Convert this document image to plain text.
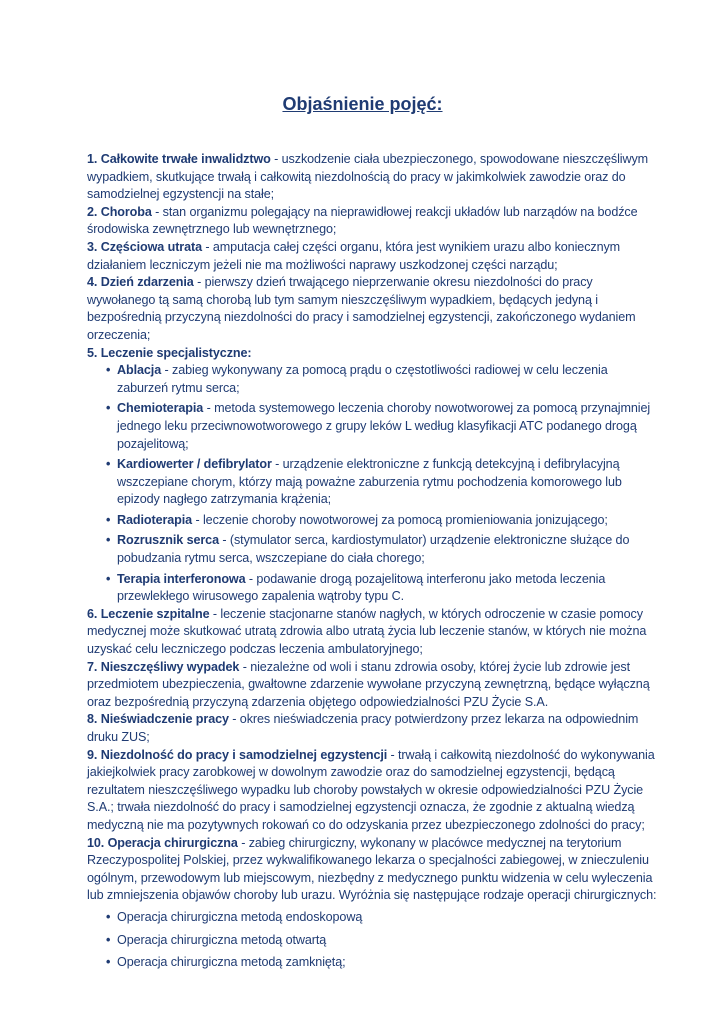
Objaśnienie pojęć:

1. Całkowite trwałe inwalidztwo - uszkodzenie ciała ubezpieczonego, spowodowane nieszczęśliwym wypadkiem, skutkujące trwałą i całkowitą niezdolnością do pracy w jakimkolwiek zawodzie oraz do samodzielnej egzystencji na stałe;

2. Choroba - stan organizmu polegający na nieprawidłowej reakcji układów lub narządów na bodźce środowiska zewnętrznego lub wewnętrznego;

3. Częściowa utrata - amputacja całej części organu, która jest wynikiem urazu albo koniecznym działaniem leczniczym jeżeli nie ma możliwości naprawy uszkodzonej części narządu;

4. Dzień zdarzenia - pierwszy dzień trwającego nieprzerwanie okresu niezdolności do pracy wywołanego tą samą chorobą lub tym samym nieszczęśliwym wypadkiem, będących jedyną i bezpośrednią przyczyną niezdolności do pracy i samodzielnej egzystencji, zakończonego wydaniem orzeczenia;

5. Leczenie specjalistyczne:

• Ablacja - zabieg wykonywany za pomocą prądu o częstotliwości radiowej w celu leczenia zaburzeń rytmu serca;
• Chemioterapia - metoda systemowego leczenia choroby nowotworowej za pomocą przynajmniej jednego leku przeciwnowotworowego z grupy leków L według klasyfikacji ATC podanego drogą pozajelitową;
• Kardiowerter / defibrylator - urządzenie elektroniczne z funkcją detekcyjną i defibrylacyjną wszczepiane chorym, którzy mają poważne zaburzenia rytmu pochodzenia komorowego lub epizody nagłego zatrzymania krążenia;
• Radioterapia - leczenie choroby nowotworowej za pomocą promieniowania jonizującego;
• Rozrusznik serca - (stymulator serca, kardiostymulator) urządzenie elektroniczne służące do pobudzania rytmu serca, wszczepiane do ciała chorego;
• Terapia interferonowa - podawanie drogą pozajelitową interferonu jako metoda leczenia przewlekłego wirusowego zapalenia wątroby typu C.

6. Leczenie szpitalne - leczenie stacjonarne stanów nagłych, w których odroczenie w czasie pomocy medycznej może skutkować utratą zdrowia albo utratą życia lub leczenie stanów, w których nie można uzyskać celu leczniczego podczas leczenia ambulatoryjnego;

7. Nieszczęśliwy wypadek - niezależne od woli i stanu zdrowia osoby, której życie lub zdrowie jest przedmiotem ubezpieczenia, gwałtowne zdarzenie wywołane przyczyną zewnętrzną, będące wyłączną oraz bezpośrednią przyczyną zdarzenia objętego odpowiedzialności PZU Życie S.A.

8. Nieświadczenie pracy - okres nieświadczenia pracy potwierdzony przez lekarza na odpowiednim druku ZUS;

9. Niezdolność do pracy i samodzielnej egzystencji - trwałą i całkowitą niezdolność do wykonywania jakiejkolwiek pracy zarobkowej w dowolnym zawodzie oraz do samodzielnej egzystencji, będącą rezultatem nieszczęśliwego wypadku lub choroby powstałych w okresie odpowiedzialności PZU Życie S.A.; trwała niezdolność do pracy i samodzielnej egzystencji oznacza, że zgodnie z aktualną wiedzą medyczną nie ma pozytywnych rokowań co do odzyskania przez ubezpieczonego zdolności do pracy;

10. Operacja chirurgiczna - zabieg chirurgiczny, wykonany w placówce medycznej na terytorium Rzeczypospolitej Polskiej, przez wykwalifikowanego lekarza o specjalności zabiegowej, w znieczuleniu ogólnym, przewodowym lub miejscowym, niezbędny z medycznego punktu widzenia w celu wyleczenia lub zmniejszenia objawów choroby lub urazu. Wyróżnia się następujące rodzaje operacji chirurgicznych:

• Operacja chirurgiczna metodą endoskopową
• Operacja chirurgiczna metodą otwartą
• Operacja chirurgiczna metodą zamkniętą;
